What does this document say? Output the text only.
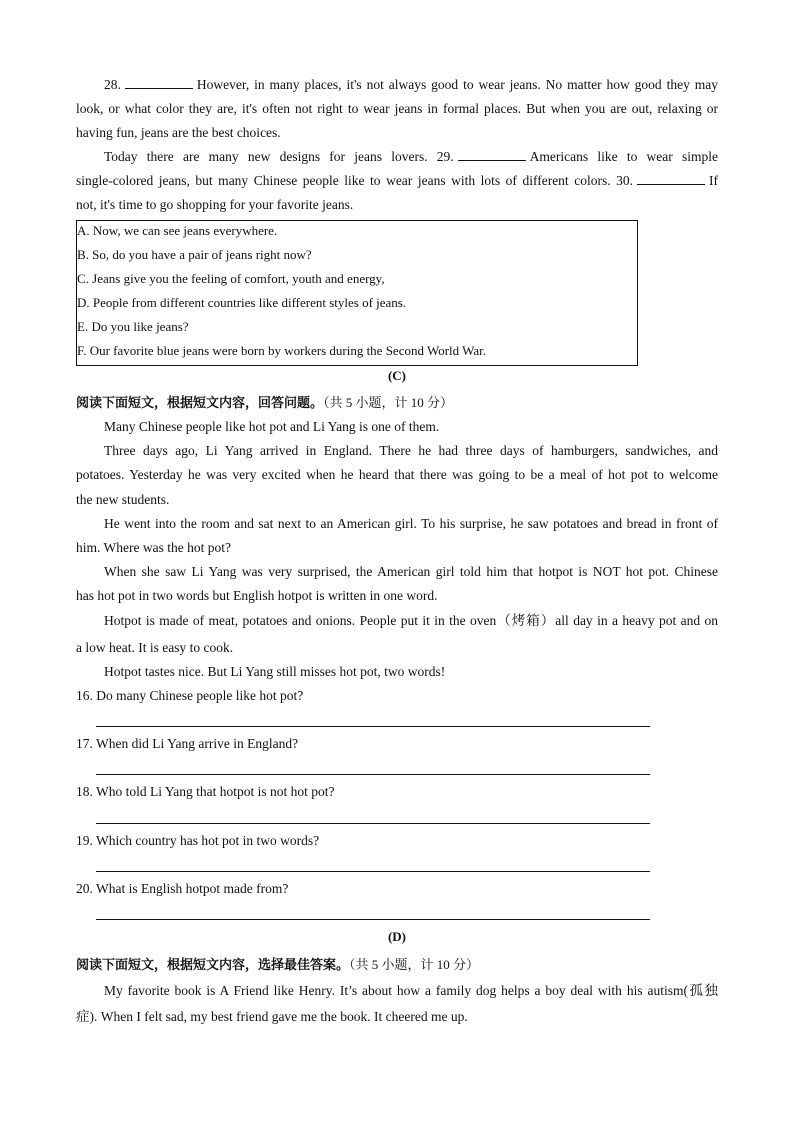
28.	However, in many places, it's not always good to wear jeans. No matter how good they may
look, or what color they are, it's often not right to wear jeans in formal places. But when you are out, relaxing or
having fun, jeans are the best choices.
Today there are many new designs for jeans lovers. 29.	Americans like to wear simple
single-colored jeans, but many Chinese people like to wear jeans with lots of different colors. 30.	If
not, it's time to go shopping for your favorite jeans.
A. Now, we can see jeans everywhere.
B. So, do you have a pair of jeans right now?
C. Jeans give you the feeling of comfort, youth and energy,
D. People from different countries like different styles of jeans.
E. Do you like jeans?
F. Our favorite blue jeans were born by workers during the Second World War.
(C)
阅读下面短文，根据短文内容，回答问题。（共 5 小题，计 10 分）
Many Chinese people like hot pot and Li Yang is one of them.
Three days ago, Li Yang arrived in England. There he had three days of hamburgers, sandwiches, and
potatoes. Yesterday he was very excited when he heard that there was going to be a meal of hot pot to welcome
the new students.
He went into the room and sat next to an American girl. To his surprise, he saw potatoes and bread in front of
him. Where was the hot pot?
When she saw Li Yang was very surprised, the American girl told him that hotpot is NOT hot pot. Chinese
has hot pot in two words but English hotpot is written in one word.
Hotpot is made of meat, potatoes and onions. People put it in the oven（烤箱）all day in a heavy pot and on
a low heat. It is easy to cook.
Hotpot tastes nice. But Li Yang still misses hot pot, two words!
16. Do many Chinese people like hot pot?
17. When did Li Yang arrive in England?
18. Who told Li Yang that hotpot is not hot pot?
19. Which country has hot pot in two words?
20. What is English hotpot made from?
(D)
阅读下面短文，根据短文内容，选择最佳答案。（共 5 小题，计 10 分）
My favorite book is A Friend like Henry. It’s about how a family dog helps a boy deal with his autism(孤独
症). When I felt sad, my best friend gave me the book. It cheered me up.
